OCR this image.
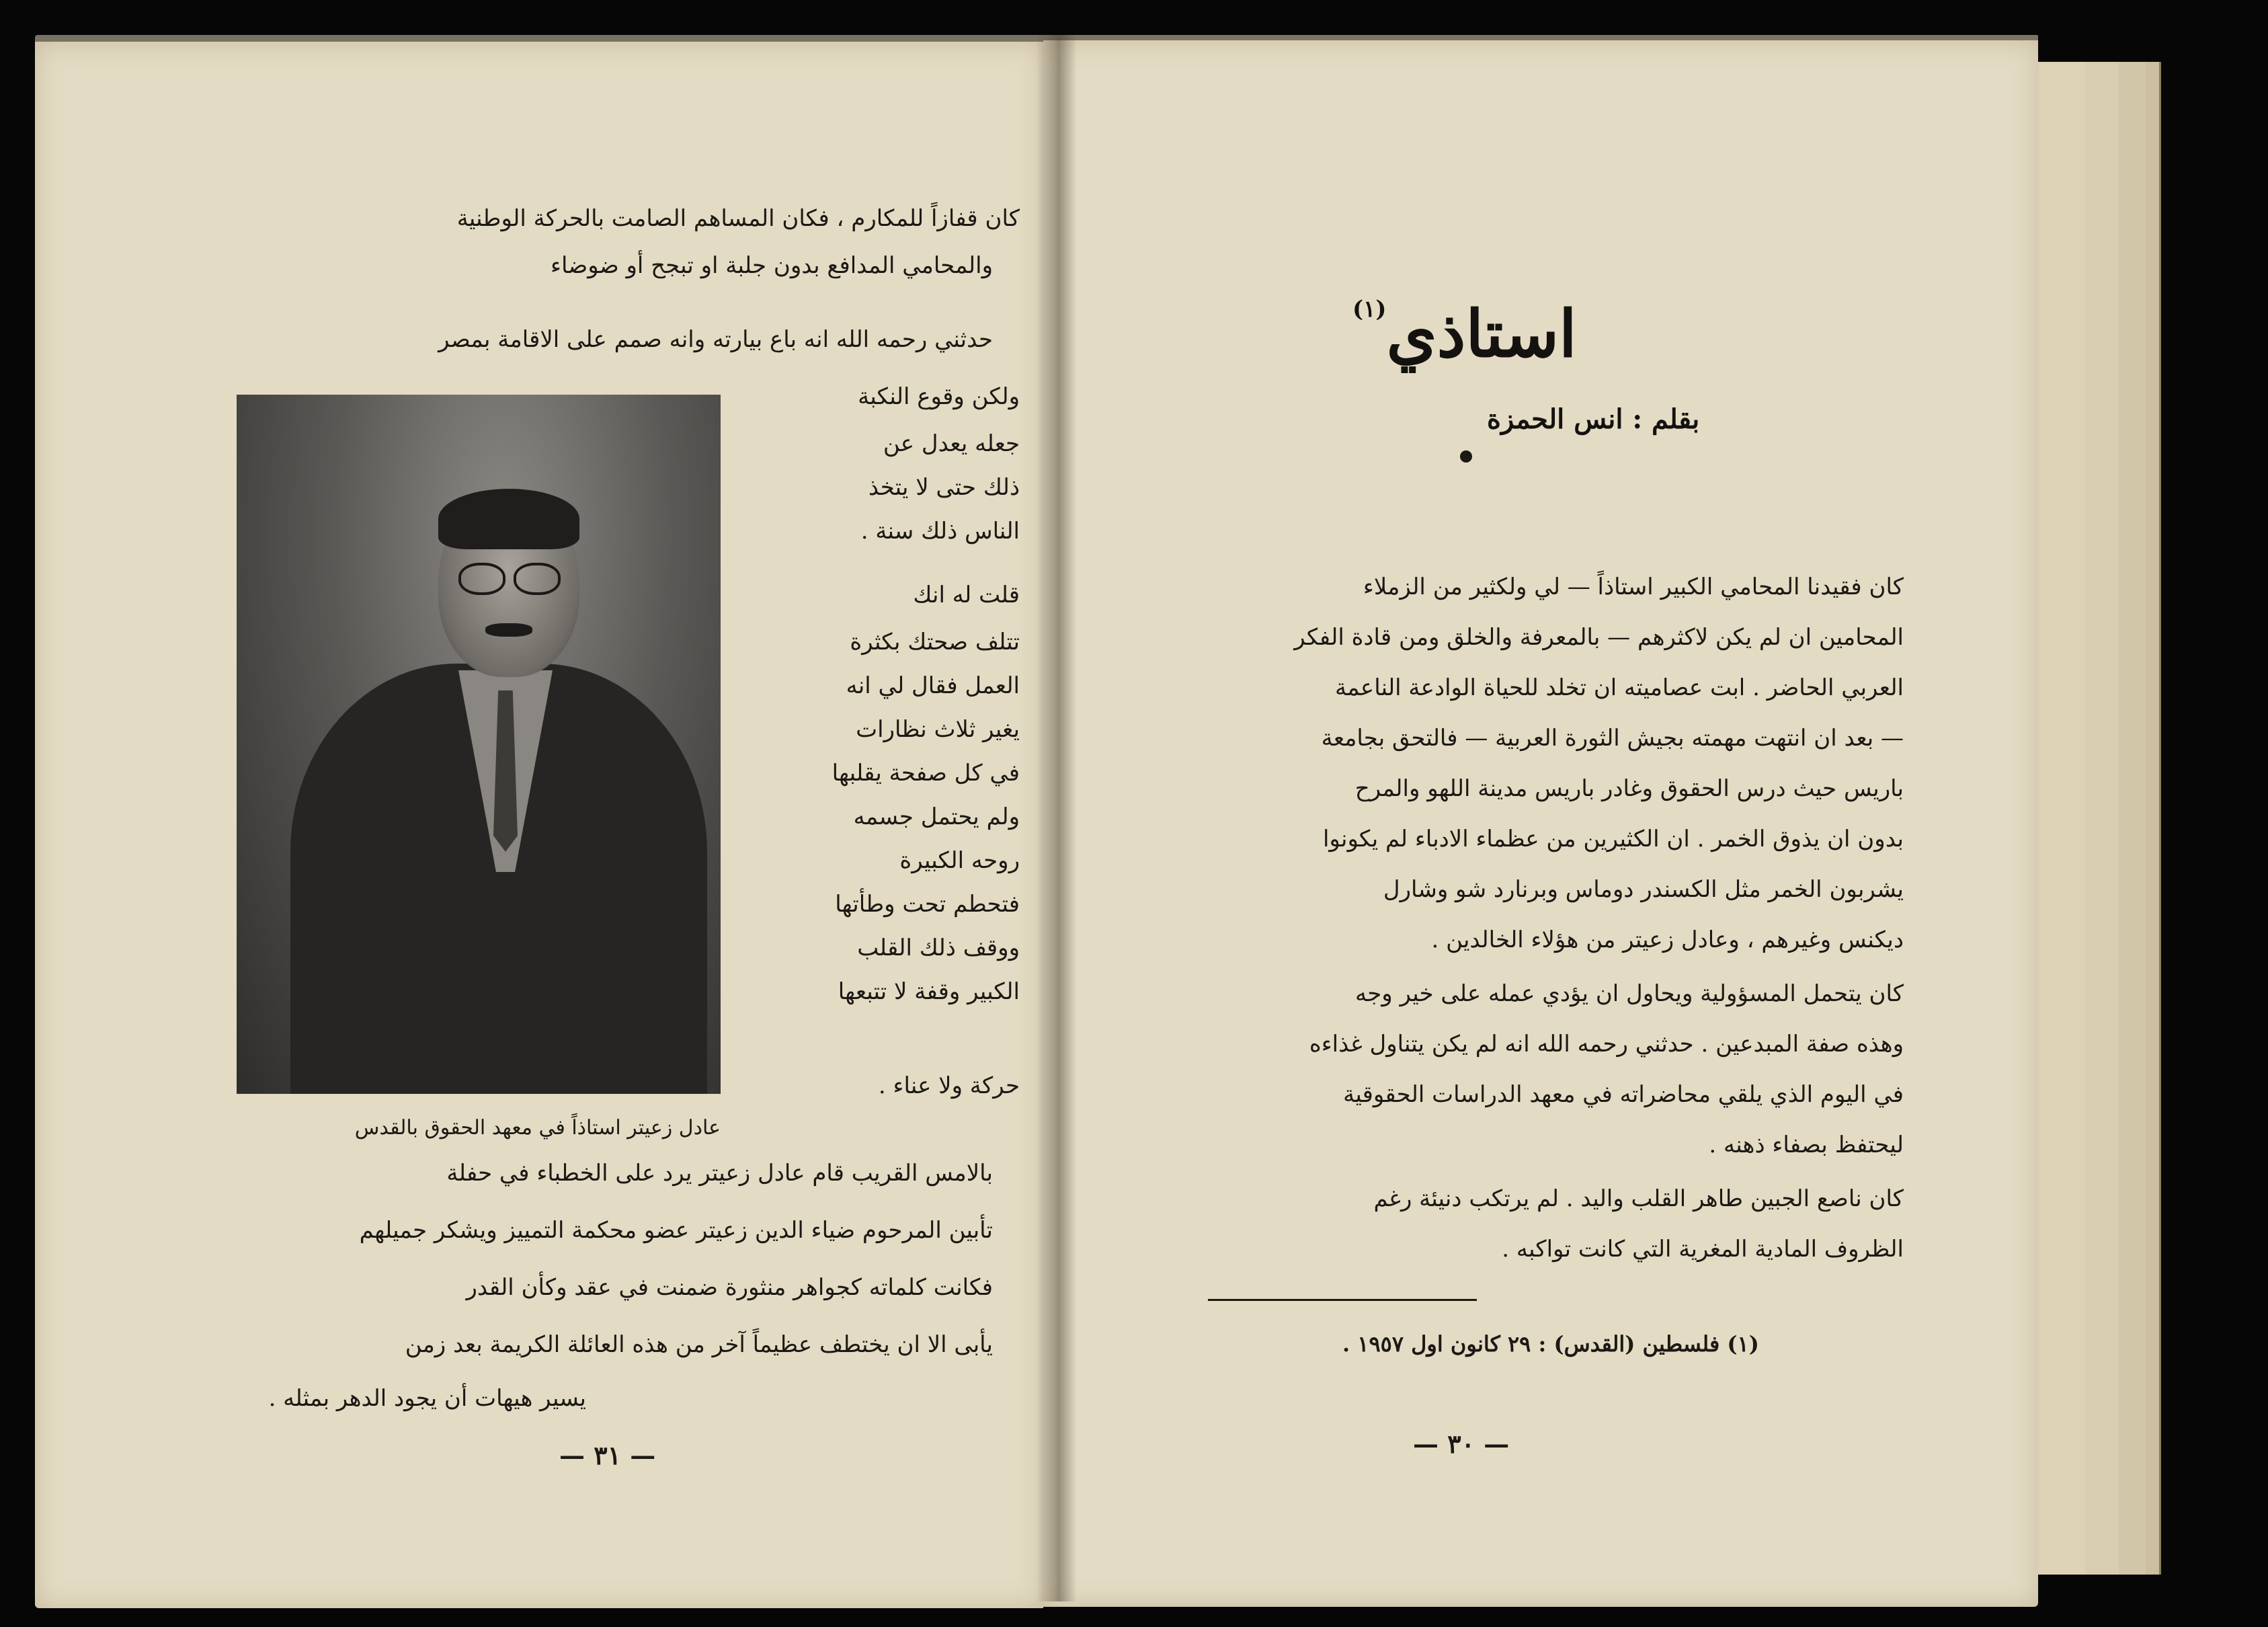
كان قفازاً للمكارم ، فكان المساهم الصامت بالحركة الوطنية
والمحامي المدافع بدون جلبة او تبجح أو ضوضاء
حدثني رحمه الله انه باع بيارته وانه صمم على الاقامة بمصر
عادل زعيتر استاذاً في معهد الحقوق بالقدس
ولكن وقوع النكبة
جعله يعدل عن
ذلك حتى لا يتخذ
الناس ذلك سنة .
قلت له انك
تتلف صحتك بكثرة
العمل فقال لي انه
يغير ثلاث نظارات
في كل صفحة يقلبها
ولم يحتمل جسمه
روحه الكبيرة
فتحطم تحت وطأتها
ووقف ذلك القلب
الكبير وقفة لا تتبعها
حركة ولا عناء .
بالامس القريب قام عادل زعيتر يرد على الخطباء في حفلة
تأبين المرحوم ضياء الدين زعيتر عضو محكمة التمييز ويشكر جميلهم
فكانت كلماته كجواهر منثورة ضمنت في عقد وكأن القدر
يأبى الا ان يختطف عظيماً آخر من هذه العائلة الكريمة بعد زمن
يسير هيهات أن يجود الدهر بمثله .
— ٣١ —
استاذي$^{(١)}$
بقلم : انس الحمزة
كان فقيدنا المحامي الكبير استاذاً — لي ولكثير من الزملاء
المحامين ان لم يكن لاكثرهم — بالمعرفة والخلق ومن قادة الفكر
العربي الحاضر . ابت عصاميته ان تخلد للحياة الوادعة الناعمة
— بعد ان انتهت مهمته بجيش الثورة العربية — فالتحق بجامعة
باريس حيث درس الحقوق وغادر باريس مدينة اللهو والمرح
بدون ان يذوق الخمر . ان الكثيرين من عظماء الادباء لم يكونوا
يشربون الخمر مثل الكسندر دوماس وبرنارد شو وشارل
ديكنس وغيرهم ، وعادل زعيتر من هؤلاء الخالدين .
كان يتحمل المسؤولية ويحاول ان يؤدي عمله على خير وجه
وهذه صفة المبدعين . حدثني رحمه الله انه لم يكن يتناول غذاءه
في اليوم الذي يلقي محاضراته في معهد الدراسات الحقوقية
ليحتفظ بصفاء ذهنه .
كان ناصع الجبين طاهر القلب واليد . لم يرتكب دنيئة رغم
الظروف المادية المغرية التي كانت تواكبه .
(١) فلسطين (القدس) : ٢٩ كانون اول ١٩٥٧ .
— ٣٠ —
